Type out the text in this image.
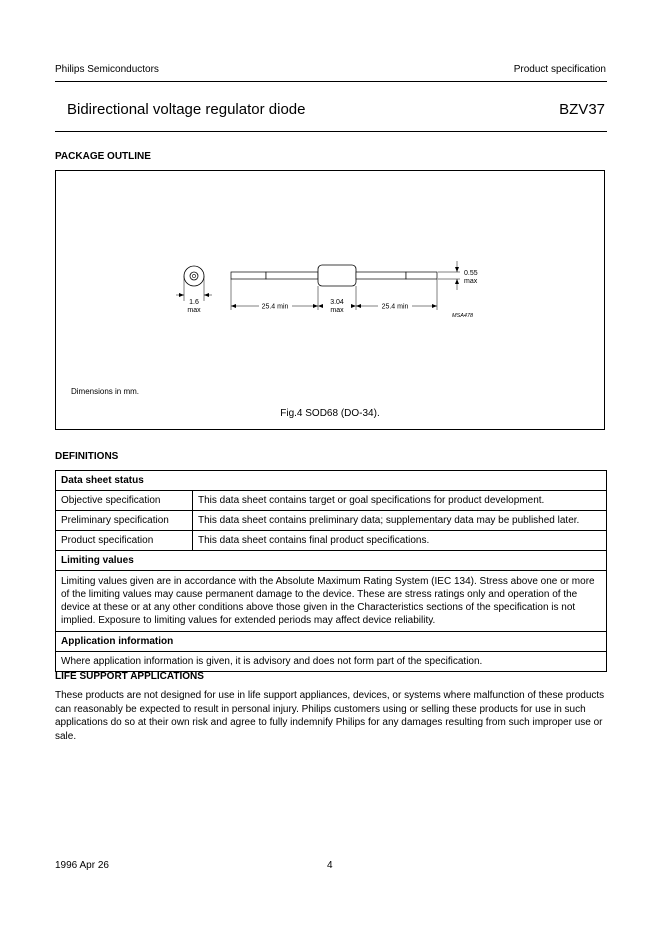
Philips Semiconductors	Product specification
Bidirectional voltage regulator diode	BZV37
PACKAGE OUTLINE
1.6
max	25.4 min
3.04
max	25.4 min
0.55
max
MSA478
Dimensions in mm.
Fig.4 SOD68 (DO-34).
DEFINITIONS
Data sheet status	
Objective specification	This data sheet contains target or goal specifications for product development.
Preliminary specification	This data sheet contains preliminary data; supplementary data may be published later.
Product specification	This data sheet contains final product specifications.
Limiting values	
Limiting values given are in accordance with the Absolute Maximum Rating System (IEC 134). Stress above one or more of the limiting values may cause permanent damage to the device. These are stress ratings only and operation of the device at these or at any other conditions above those given in the Characteristics sections of the specification is not implied. Exposure to limiting values for extended periods may affect device reliability.	
Application information	
Where application information is given, it is advisory and does not form part of the specification.	
LIFE SUPPORT APPLICATIONS
These products are not designed for use in life support appliances, devices, or systems where malfunction of these products can reasonably be expected to result in personal injury. Philips customers using or selling these products for use in such applications do so at their own risk and agree to fully indemnify Philips for any damages resulting from such improper use or sale.
1996 Apr 26	4
